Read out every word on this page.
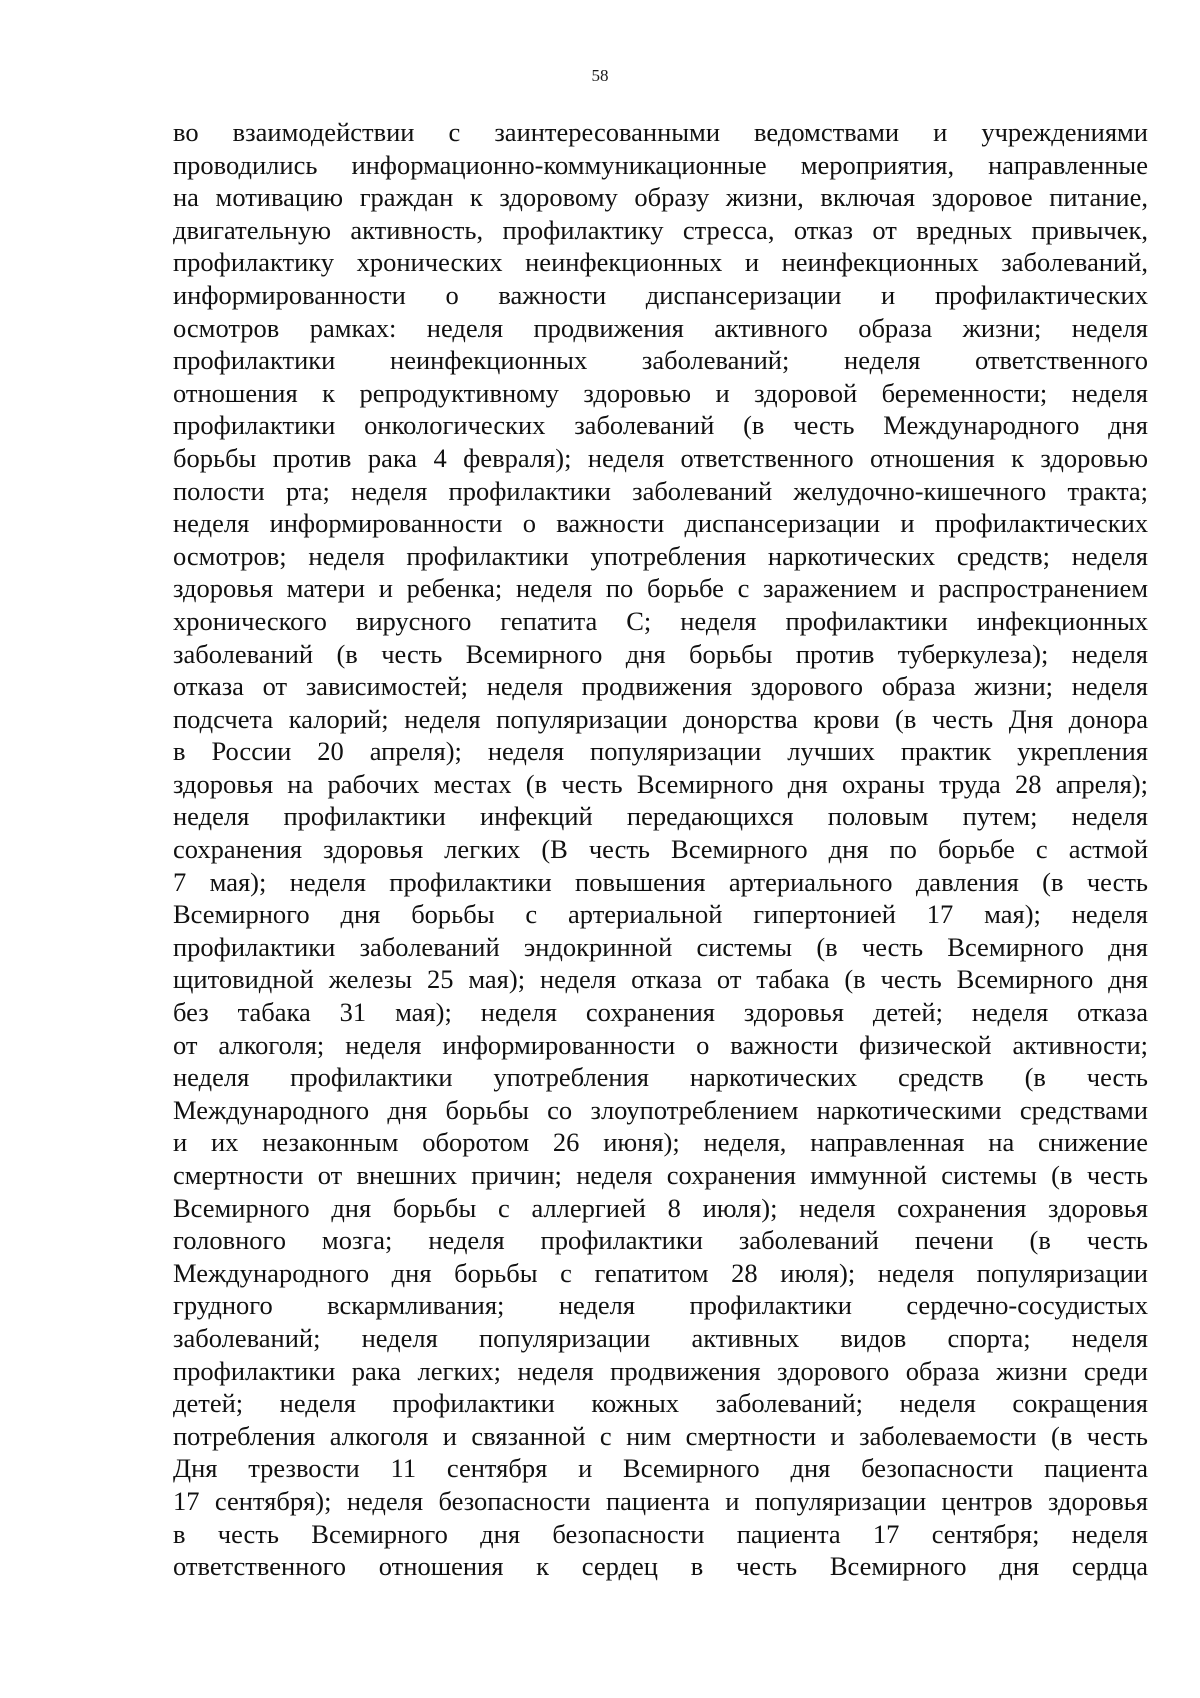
58
во взаимодействии с заинтересованными ведомствами и учреждениями
проводились информационно-коммуникационные мероприятия, направленные
на мотивацию граждан к здоровому образу жизни, включая здоровое питание,
двигательную активность, профилактику стресса, отказ от вредных привычек,
профилактику хронических неинфекционных и неинфекционных заболеваний,
информированности о важности диспансеризации и профилактических
осмотров рамках: неделя продвижения активного образа жизни; неделя
профилактики неинфекционных заболеваний; неделя ответственного
отношения к репродуктивному здоровью и здоровой беременности; неделя
профилактики онкологических заболеваний (в честь Международного дня
борьбы против рака 4 февраля); неделя ответственного отношения к здоровью
полости рта; неделя профилактики заболеваний желудочно-кишечного тракта;
неделя информированности о важности диспансеризации и профилактических
осмотров; неделя профилактики употребления наркотических средств; неделя
здоровья матери и ребенка; неделя по борьбе с заражением и распространением
хронического вирусного гепатита С; неделя профилактики инфекционных
заболеваний (в честь Всемирного дня борьбы против туберкулеза); неделя
отказа от зависимостей; неделя продвижения здорового образа жизни; неделя
подсчета калорий; неделя популяризации донорства крови (в честь Дня донора
в России 20 апреля); неделя популяризации лучших практик укрепления
здоровья на рабочих местах (в честь Всемирного дня охраны труда 28 апреля);
неделя профилактики инфекций передающихся половым путем; неделя
сохранения здоровья легких (В честь Всемирного дня по борьбе с астмой
7 мая); неделя профилактики повышения артериального давления (в честь
Всемирного дня борьбы с артериальной гипертонией 17 мая); неделя
профилактики заболеваний эндокринной системы (в честь Всемирного дня
щитовидной железы 25 мая); неделя отказа от табака (в честь Всемирного дня
без табака 31 мая); неделя сохранения здоровья детей; неделя отказа
от алкоголя; неделя информированности о важности физической активности;
неделя профилактики употребления наркотических средств (в честь
Международного дня борьбы со злоупотреблением наркотическими средствами
и их незаконным оборотом 26 июня); неделя, направленная на снижение
смертности от внешних причин; неделя сохранения иммунной системы (в честь
Всемирного дня борьбы с аллергией 8 июля); неделя сохранения здоровья
головного мозга; неделя профилактики заболеваний печени (в честь
Международного дня борьбы с гепатитом 28 июля); неделя популяризации
грудного вскармливания; неделя профилактики сердечно-сосудистых
заболеваний; неделя популяризации активных видов спорта; неделя
профилактики рака легких; неделя продвижения здорового образа жизни среди
детей; неделя профилактики кожных заболеваний; неделя сокращения
потребления алкоголя и связанной с ним смертности и заболеваемости (в честь
Дня трезвости 11 сентября и Всемирного дня безопасности пациента
17 сентября); неделя безопасности пациента и популяризации центров здоровья
в честь Всемирного дня безопасности пациента 17 сентября; неделя
ответственного отношения к сердец в честь Всемирного дня сердца
